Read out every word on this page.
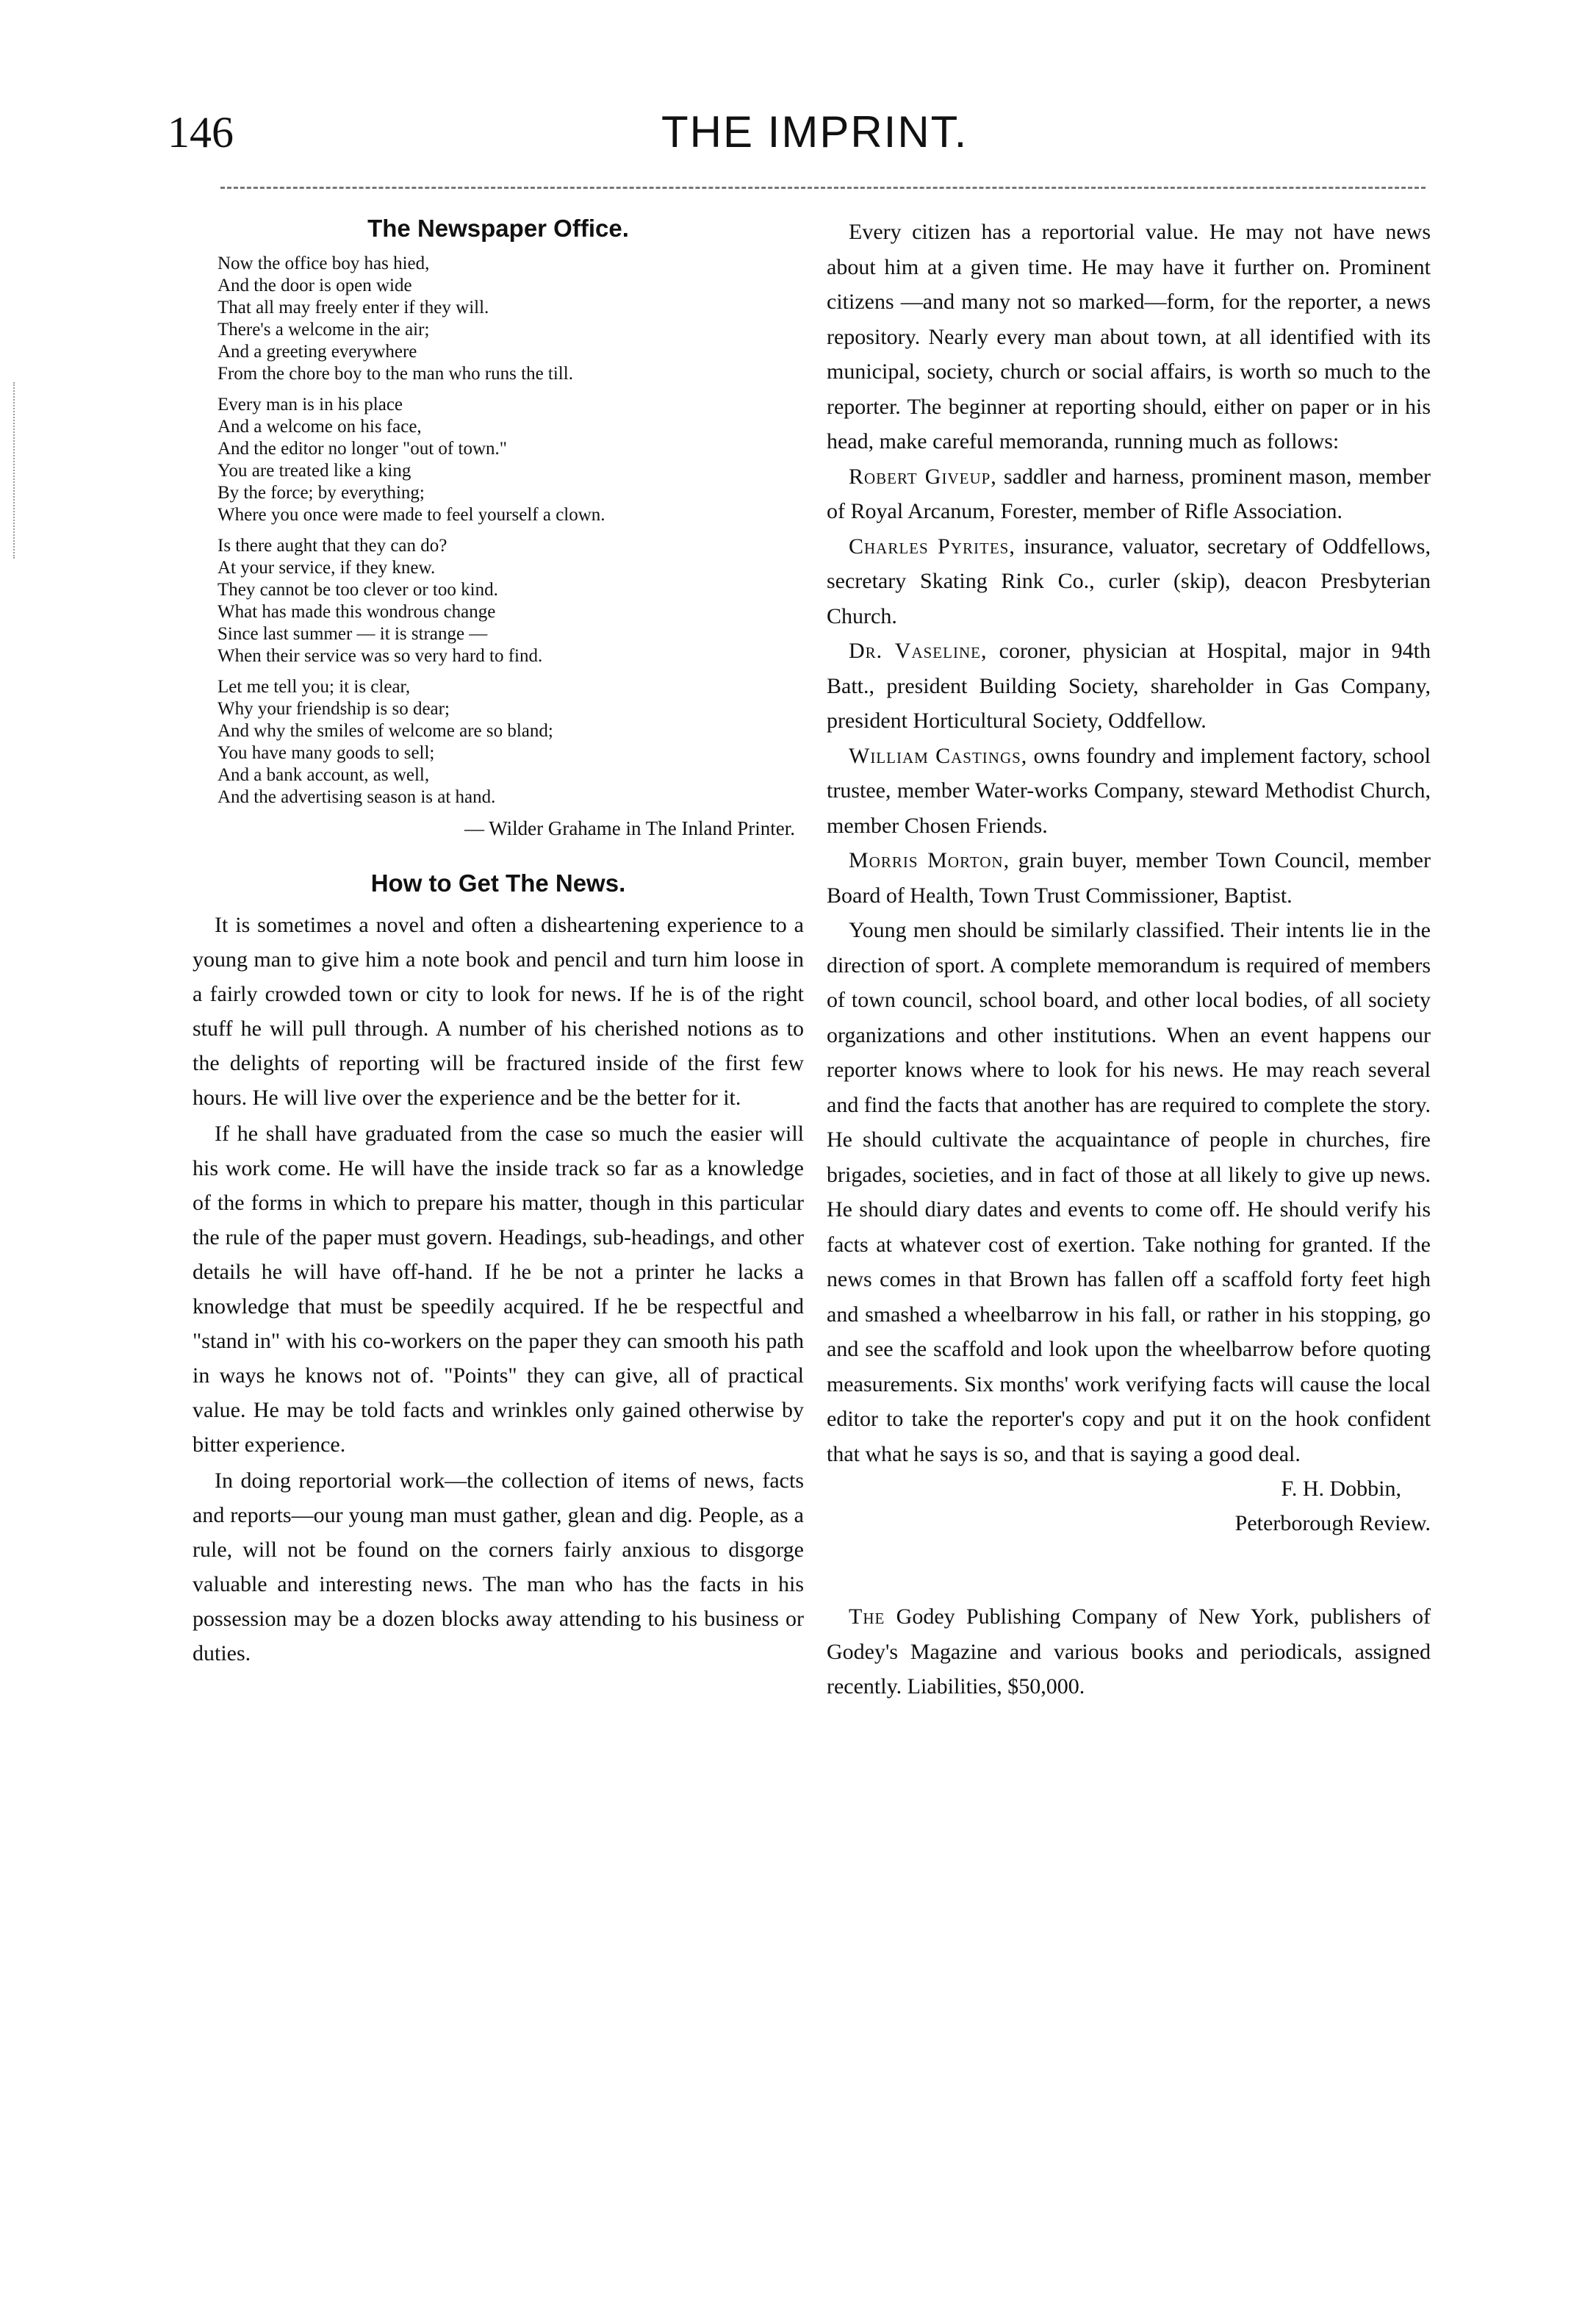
146	THE IMPRINT.
The Newspaper Office.
Now the office boy has hied,
And the door is open wide
That all may freely enter if they will.
There's a welcome in the air;
And a greeting everywhere
From the chore boy to the man who runs the till.
Every man is in his place
And a welcome on his face,
And the editor no longer "out of town."
You are treated like a king
By the force; by everything;
Where you once were made to feel yourself a clown.
Is there aught that they can do?
At your service, if they knew.
They cannot be too clever or too kind.
What has made this wondrous change
Since last summer — it is strange —
When their service was so very hard to find.
Let me tell you; it is clear,
Why your friendship is so dear;
And why the smiles of welcome are so bland;
You have many goods to sell;
And a bank account, as well,
And the advertising season is at hand.
— Wilder Grahame in The Inland Printer.
How to Get The News.

It is sometimes a novel and often a disheartening experience to a young man to give him a note book and pencil and turn him loose in a fairly crowded town or city to look for news. If he is of the right stuff he will pull through. A number of his cherished notions as to the delights of reporting will be fractured inside of the first few hours. He will live over the experience and be the better for it.

If he shall have graduated from the case so much the easier will his work come. He will have the inside track so far as a knowledge of the forms in which to prepare his matter, though in this particular the rule of the paper must govern. Headings, sub-headings, and other details he will have off-hand. If he be not a printer he lacks a knowledge that must be speedily acquired. If he be respectful and "stand in" with his co-workers on the paper they can smooth his path in ways he knows not of. "Points" they can give, all of practical value. He may be told facts and wrinkles only gained otherwise by bitter experience.

In doing reportorial work—the collection of items of news, facts and reports—our young man must gather, glean and dig. People, as a rule, will not be found on the corners fairly anxious to disgorge valuable and interesting news. The man who has the facts in his possession may be a dozen blocks away attending to his business or duties.

Every citizen has a reportorial value. He may not have news about him at a given time. He may have it further on. Prominent citizens —and many not so marked—form, for the reporter, a news repository. Nearly every man about town, at all identified with its municipal, society, church or social affairs, is worth so much to the reporter. The beginner at reporting should, either on paper or in his head, make careful memoranda, running much as follows:

Robert Giveup, saddler and harness, prominent mason, member of Royal Arcanum, Forester, member of Rifle Association.

Charles Pyrites, insurance, valuator, secretary of Oddfellows, secretary Skating Rink Co., curler (skip), deacon Presbyterian Church.

Dr. Vaseline, coroner, physician at Hospital, major in 94th Batt., president Building Society, shareholder in Gas Company, president Horticultural Society, Oddfellow.

William Castings, owns foundry and implement factory, school trustee, member Water-works Company, steward Methodist Church, member Chosen Friends.

Morris Morton, grain buyer, member Town Council, member Board of Health, Town Trust Commissioner, Baptist.

Young men should be similarly classified. Their intents lie in the direction of sport. A complete memorandum is required of members of town council, school board, and other local bodies, of all society organizations and other institutions. When an event happens our reporter knows where to look for his news. He may reach several and find the facts that another has are required to complete the story. He should cultivate the acquaintance of people in churches, fire brigades, societies, and in fact of those at all likely to give up news. He should diary dates and events to come off. He should verify his facts at whatever cost of exertion. Take nothing for granted. If the news comes in that Brown has fallen off a scaffold forty feet high and smashed a wheelbarrow in his fall, or rather in his stopping, go and see the scaffold and look upon the wheelbarrow before quoting measurements. Six months' work verifying facts will cause the local editor to take the reporter's copy and put it on the hook confident that what he says is so, and that is saying a good deal.

F. H. Dobbin,
Peterborough Review.

The Godey Publishing Company of New York, publishers of Godey's Magazine and various books and periodicals, assigned recently. Liabilities, $50,000.
